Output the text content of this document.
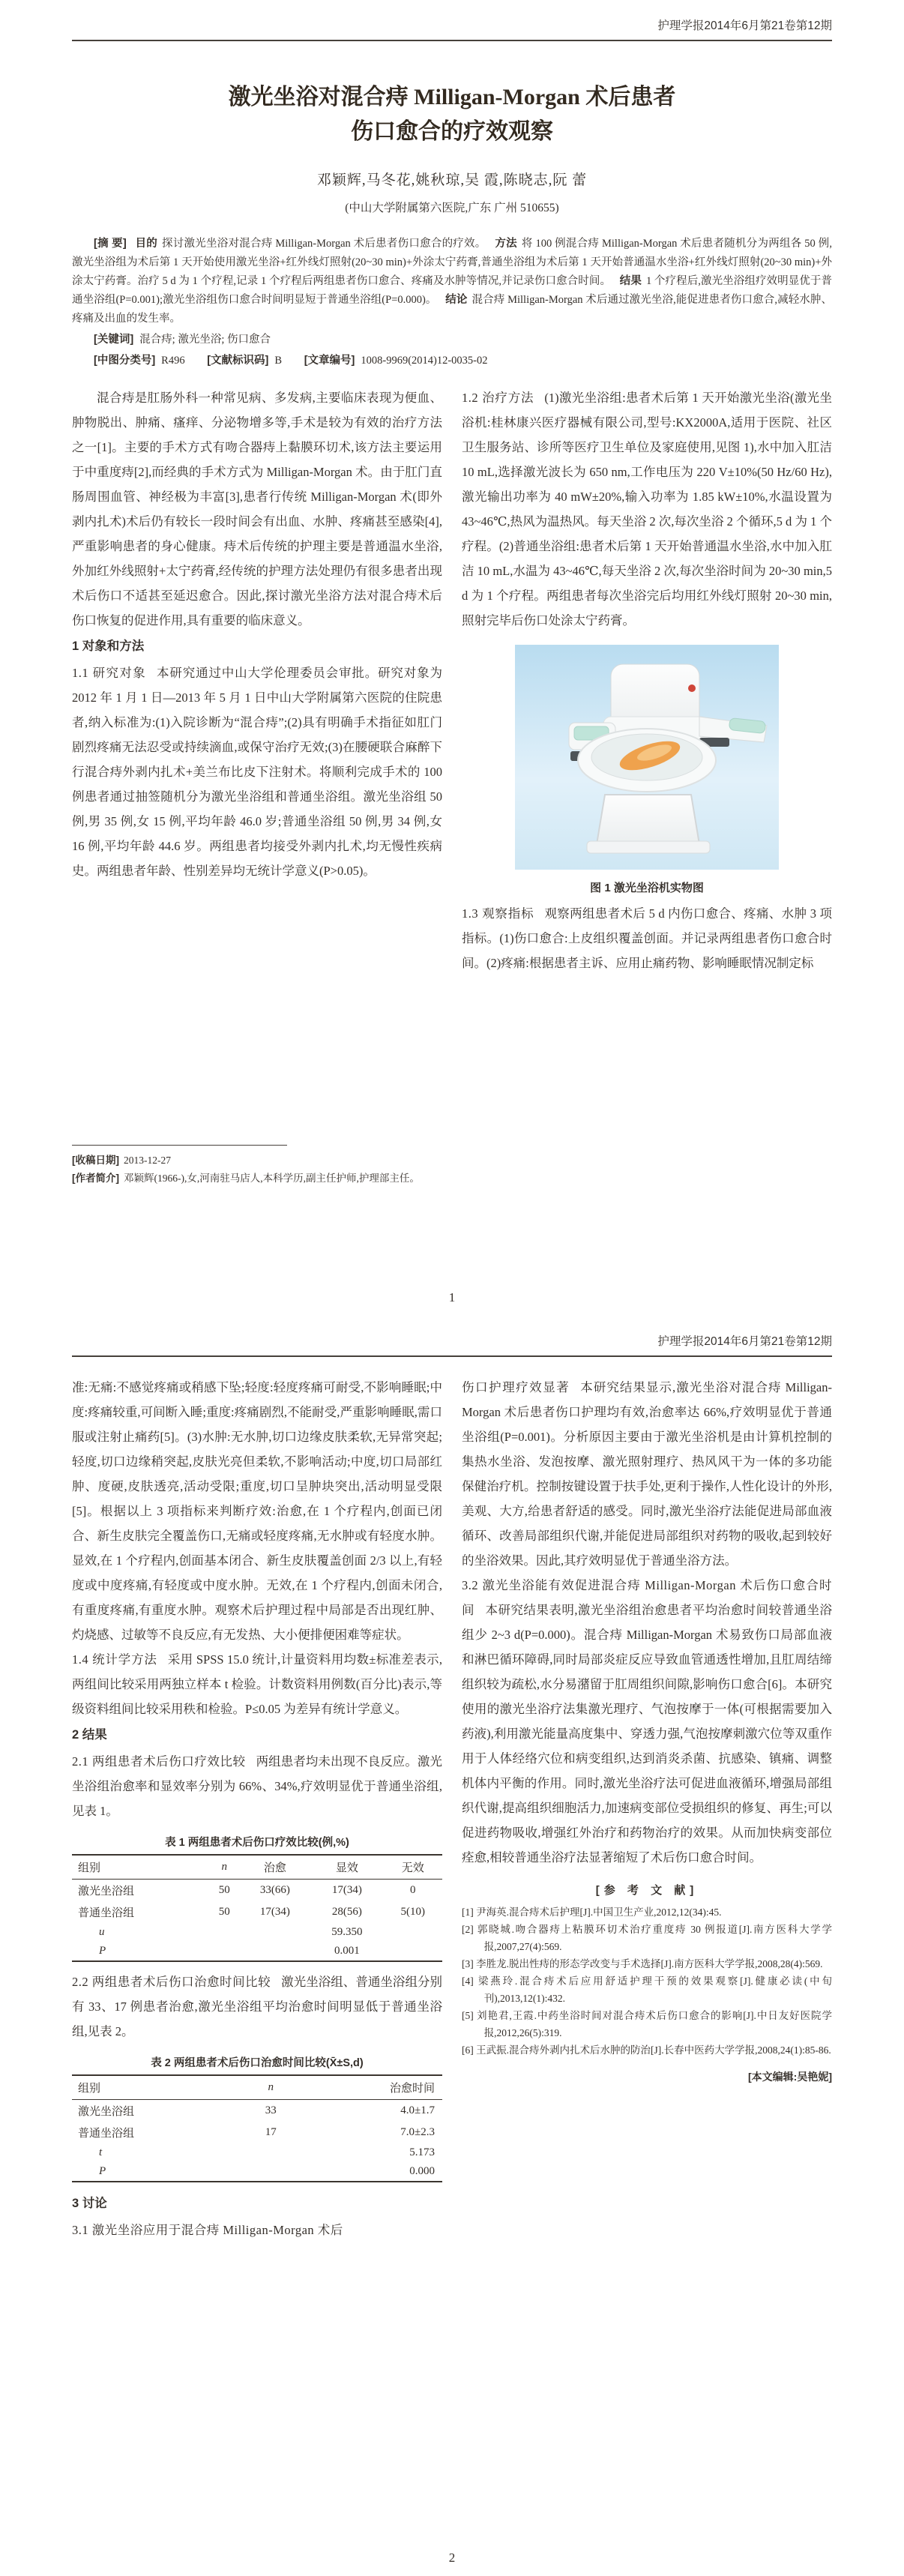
护理学报2014年6月第21卷第12期
激光坐浴对混合痔 Milligan-Morgan 术后患者
伤口愈合的疗效观察
邓颖辉,马冬花,姚秋琼,吴 霞,陈晓志,阮 蕾
(中山大学附属第六医院,广东 广州 510655)

[摘 要] 目的 探讨激光坐浴对混合痔 Milligan-Morgan 术后患者伤口愈合的疗效。 方法 将 100 例混合痔 Milligan-Morgan 术后患者随机分为两组各 50 例,激光坐浴组为术后第 1 天开始使用激光坐浴+红外线灯照射(20~30 min)+外涂太宁药膏,普通坐浴组为术后第 1 天开始普通温水坐浴+红外线灯照射(20~30 min)+外涂太宁药膏。治疗 5 d 为 1 个疗程,记录 1 个疗程后两组患者伤口愈合、疼痛及水肿等情况,并记录伤口愈合时间。 结果 1 个疗程后,激光坐浴组疗效明显优于普通坐浴组(P=0.001);激光坐浴组伤口愈合时间明显短于普通坐浴组(P=0.000)。 结论 混合痔 Milligan-Morgan 术后通过激光坐浴,能促进患者伤口愈合,减轻水肿、疼痛及出血的发生率。

[关键词] 混合痔; 激光坐浴; 伤口愈合

[中图分类号] R496 [文献标识码] B [文章编号] 1008-9969(2014)12-0035-02

混合痔是肛肠外科一种常见病、多发病,主要临床表现为便血、肿物脱出、肿痛、瘙痒、分泌物增多等,手术是较为有效的治疗方法之一[1]。主要的手术方式有吻合器痔上黏膜环切术,该方法主要运用于中重度痔[2],而经典的手术方式为 Milligan-Morgan 术。由于肛门直肠周围血管、神经极为丰富[3],患者行传统 Milligan-Morgan 术(即外剥内扎术)术后仍有较长一段时间会有出血、水肿、疼痛甚至感染[4],严重影响患者的身心健康。痔术后传统的护理主要是普通温水坐浴,外加红外线照射+太宁药膏,经传统的护理方法处理仍有很多患者出现术后伤口不适甚至延迟愈合。因此,探讨激光坐浴方法对混合痔术后伤口恢复的促进作用,具有重要的临床意义。

1 对象和方法

1.1 研究对象 本研究通过中山大学伦理委员会审批。研究对象为 2012 年 1 月 1 日—2013 年 5 月 1 日中山大学附属第六医院的住院患者,纳入标准为:(1)入院诊断为“混合痔”;(2)具有明确手术指征如肛门剧烈疼痛无法忍受或持续滴血,或保守治疗无效;(3)在腰硬联合麻醉下行混合痔外剥内扎术+美兰布比皮下注射术。将顺利完成手术的 100 例患者通过抽签随机分为激光坐浴组和普通坐浴组。激光坐浴组 50 例,男 35 例,女 15 例,平均年龄 46.0 岁;普通坐浴组 50 例,男 34 例,女 16 例,平均年龄 44.6 岁。两组患者均接受外剥内扎术,均无慢性疾病史。两组患者年龄、性别差异均无统计学意义(P>0.05)。

[收稿日期] 2013-12-27

[作者简介] 邓颖辉(1966-),女,河南驻马店人,本科学历,副主任护师,护理部主任。

1.2 治疗方法 (1)激光坐浴组:患者术后第 1 天开始激光坐浴(激光坐浴机:桂林康兴医疗器械有限公司,型号:KX2000A,适用于医院、社区卫生服务站、诊所等医疗卫生单位及家庭使用,见图 1),水中加入肛洁 10 mL,选择激光波长为 650 nm,工作电压为 220 V±10%(50 Hz/60 Hz),激光输出功率为 40 mW±20%,输入功率为 1.85 kW±10%,水温设置为 43~46℃,热风为温热风。每天坐浴 2 次,每次坐浴 2 个循环,5 d 为 1 个疗程。(2)普通坐浴组:患者术后第 1 天开始普通温水坐浴,水中加入肛洁 10 mL,水温为 43~46℃,每天坐浴 2 次,每次坐浴时间为 20~30 min,5 d 为 1 个疗程。两组患者每次坐浴完后均用红外线灯照射 20~30 min,照射完毕后伤口处涂太宁药膏。

图 1 激光坐浴机实物图

1.3 观察指标 观察两组患者术后 5 d 内伤口愈合、疼痛、水肿 3 项指标。(1)伤口愈合:上皮组织覆盖创面。并记录两组患者伤口愈合时间。(2)疼痛:根据患者主诉、应用止痛药物、影响睡眠情况制定标

1
护理学报2014年6月第21卷第12期

准:无痛:不感觉疼痛或稍感下坠;轻度:轻度疼痛可耐受,不影响睡眠;中度:疼痛较重,可间断入睡;重度:疼痛剧烈,不能耐受,严重影响睡眠,需口服或注射止痛药[5]。(3)水肿:无水肿,切口边缘皮肤柔软,无异常突起;轻度,切口边缘稍突起,皮肤光亮但柔软,不影响活动;中度,切口局部红肿、度硬,皮肤透亮,活动受限;重度,切口呈肿块突出,活动明显受限[5]。根据以上 3 项指标来判断疗效:治愈,在 1 个疗程内,创面已闭合、新生皮肤完全覆盖伤口,无痛或轻度疼痛,无水肿或有轻度水肿。显效,在 1 个疗程内,创面基本闭合、新生皮肤覆盖创面 2/3 以上,有轻度或中度疼痛,有轻度或中度水肿。无效,在 1 个疗程内,创面未闭合,有重度疼痛,有重度水肿。观察术后护理过程中局部是否出现红肿、灼烧感、过敏等不良反应,有无发热、大小便排便困难等症状。

1.4 统计学方法 采用 SPSS 15.0 统计,计量资料用均数±标准差表示,两组间比较采用两独立样本 t 检验。计数资料用例数(百分比)表示,等级资料组间比较采用秩和检验。P≤0.05 为差异有统计学意义。

2 结果

2.1 两组患者术后伤口疗效比较 两组患者均未出现不良反应。激光坐浴组治愈率和显效率分别为 66%、34%,疗效明显优于普通坐浴组,见表 1。

表 1 两组患者术后伤口疗效比较(例,%)
组别	n	治愈	显效	无效
激光坐浴组	50	33(66)	17(34)	0
普通坐浴组	50	17(34)	28(56)	5(10)
u			59.350	
P			0.001	

2.2 两组患者术后伤口治愈时间比较 激光坐浴组、普通坐浴组分别有 33、17 例患者治愈,激光坐浴组平均治愈时间明显低于普通坐浴组,见表 2。

表 2 两组患者术后伤口治愈时间比较(X̄±S,d)
组别	n	治愈时间
激光坐浴组	33	4.0±1.7
普通坐浴组	17	7.0±2.3
t		5.173
P		0.000
3 讨论

3.1 激光坐浴应用于混合痔 Milligan-Morgan 术后

伤口护理疗效显著 本研究结果显示,激光坐浴对混合痔 Milligan-Morgan 术后患者伤口护理均有效,治愈率达 66%,疗效明显优于普通坐浴组(P=0.001)。分析原因主要由于激光坐浴机是由计算机控制的集热水坐浴、发泡按摩、激光照射理疗、热风风干为一体的多功能保健治疗机。控制按键设置于扶手处,更利于操作,人性化设计的外形,美观、大方,给患者舒适的感受。同时,激光坐浴疗法能促进局部血液循环、改善局部组织代谢,并能促进局部组织对药物的吸收,起到较好的坐浴效果。因此,其疗效明显优于普通坐浴方法。

3.2 激光坐浴能有效促进混合痔 Milligan-Morgan 术后伤口愈合时间 本研究结果表明,激光坐浴组治愈患者平均治愈时间较普通坐浴组少 2~3 d(P=0.000)。混合痔 Milligan-Morgan 术易致伤口局部血液和淋巴循环障碍,同时局部炎症反应导致血管通透性增加,且肛周结缔组织较为疏松,水分易潴留于肛周组织间隙,影响伤口愈合[6]。本研究使用的激光坐浴疗法集激光理疗、气泡按摩于一体(可根据需要加入药液),利用激光能量高度集中、穿透力强,气泡按摩刺激穴位等双重作用于人体经络穴位和病变组织,达到消炎杀菌、抗感染、镇痛、调整机体内平衡的作用。同时,激光坐浴疗法可促进血液循环,增强局部组织代谢,提高组织细胞活力,加速病变部位受损组织的修复、再生;可以促进药物吸收,增强红外治疗和药物治疗的效果。从而加快病变部位痊愈,相较普通坐浴疗法显著缩短了术后伤口愈合时间。

[参 考 文 献]
[1] 尹海英.混合痔术后护理[J].中国卫生产业,2012,12(34):45.
[2] 郭晓城.吻合器痔上粘膜环切术治疗重度痔 30 例报道[J].南方医科大学学报,2007,27(4):569.
[3] 李胜龙.脱出性痔的形态学改变与手术选择[J].南方医科大学学报,2008,28(4):569.
[4] 梁燕玲.混合痔术后应用舒适护理干预的效果观察[J].健康必读(中旬刊),2013,12(1):432.
[5] 刘艳君,王霞.中药坐浴时间对混合痔术后伤口愈合的影响[J].中日友好医院学报,2012,26(5):319.
[6] 王武振.混合痔外剥内扎术后水肿的防治[J].长春中医药大学学报,2008,24(1):85-86.
[本文编辑:吴艳妮]
2
